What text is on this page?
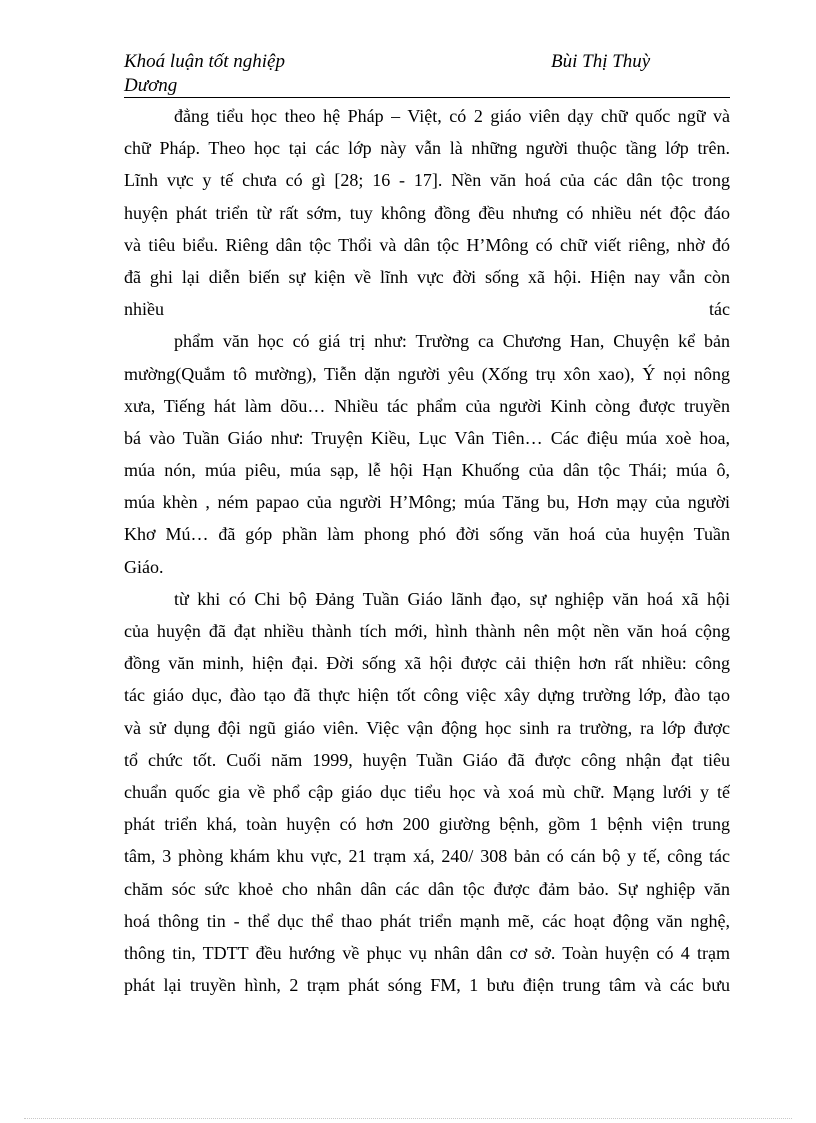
Khoá luận tốt nghiệp
Dương
Bùi Thị Thuỳ
đẳng tiểu học theo hệ Pháp – Việt, có 2 giáo viên dạy chữ quốc ngữ và
chữ Pháp. Theo học tại các lớp này vẫn là những người thuộc tầng lớp trên.
Lĩnh vực y tế chưa có gì [28; 16 - 17]. Nền văn hoá của các dân tộc trong
huyện phát triển từ rất sớm, tuy không đồng đều nhưng có nhiều nét độc đáo
và tiêu biểu. Riêng dân tộc Thổi và dân tộc H’Mông có chữ viết riêng, nhờ đó
đã ghi lại diễn biến sự kiện về lĩnh vực đời sống xã hội. Hiện nay vẫn còn
nhiều	tác
phẩm văn học có giá trị như: Trường ca Chương Han, Chuyện kể bản
mường(Quắm tô mường), Tiễn dặn người yêu (Xống trụ xôn xao), Ý nọi nông
xưa, Tiếng hát làm dõu… Nhiều tác phẩm của người Kinh còng được truyền
bá vào Tuần Giáo như: Truyện Kiều, Lục Vân Tiên… Các điệu múa xoè hoa,
múa nón, múa piêu, múa sạp, lễ hội Hạn Khuống của dân tộc Thái; múa ô,
múa khèn , ném papao của người H’Mông; múa Tăng bu, Hơn mạy của người
Khơ Mú… đã góp phần làm phong phó đời sống văn hoá của huyện Tuần
Giáo.
từ khi có Chi bộ Đảng Tuần Giáo lãnh đạo, sự nghiệp văn hoá xã hội
của huyện đã đạt nhiều thành tích mới, hình thành nên một nền văn hoá cộng
đồng văn minh, hiện đại. Đời sống xã hội được cải thiện hơn rất nhiều: công
tác giáo dục, đào tạo đã thực hiện tốt công việc xây dựng trường lớp, đào tạo
và sử dụng đội ngũ giáo viên. Việc vận động học sinh ra trường, ra lớp được
tổ chức tốt. Cuối năm 1999, huyện Tuần Giáo đã được công nhận đạt tiêu
chuẩn quốc gia về phổ cập giáo dục tiểu học và xoá mù chữ. Mạng lưới y tế
phát triển khá, toàn huyện có hơn 200 giường bệnh, gồm 1 bệnh viện trung
tâm, 3 phòng khám khu vực, 21 trạm xá, 240/ 308 bản có cán bộ y tế, công tác
chăm sóc sức khoẻ cho nhân dân các dân tộc được đảm bảo. Sự nghiệp văn
hoá thông tin - thể dục thể thao phát triển mạnh mẽ, các hoạt động văn nghệ,
thông tin, TDTT đều hướng về phục vụ nhân dân cơ sở. Toàn huyện có 4 trạm
phát lại truyền hình, 2 trạm phát sóng FM, 1 bưu điện trung tâm và các bưu
